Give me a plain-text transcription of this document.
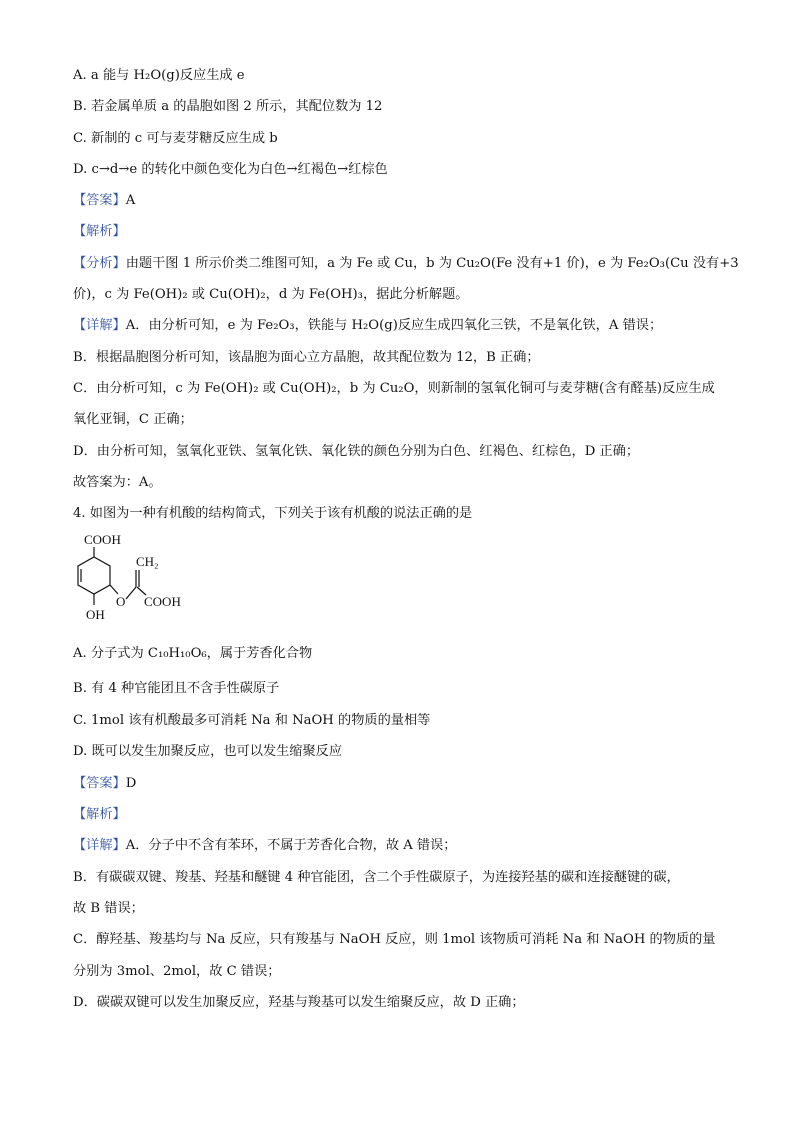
A. a 能与 H₂O(g)反应生成 e
B. 若金属单质 a 的晶胞如图 2 所示，其配位数为 12
C. 新制的 c 可与麦芽糖反应生成 b
D. c→d→e 的转化中颜色变化为白色→红褐色→红棕色
【答案】A
【解析】
【分析】由题干图 1 所示价类二维图可知，a 为 Fe 或 Cu，b 为 Cu₂O(Fe 没有+1 价)，e 为 Fe₂O₃(Cu 没有+3
价)，c 为 Fe(OH)₂ 或 Cu(OH)₂，d 为 Fe(OH)₃，据此分析解题。
【详解】A．由分析可知，e 为 Fe₂O₃，铁能与 H₂O(g)反应生成四氧化三铁，不是氧化铁，A 错误；
B．根据晶胞图分析可知，该晶胞为面心立方晶胞，故其配位数为 12，B 正确；
C．由分析可知，c 为 Fe(OH)₂ 或 Cu(OH)₂，b 为 Cu₂O，则新制的氢氧化铜可与麦芽糖(含有醛基)反应生成
氧化亚铜，C 正确；
D．由分析可知，氢氧化亚铁、氢氧化铁、氧化铁的颜色分别为白色、红褐色、红棕色，D 正确；
故答案为：A。
4. 如图为一种有机酸的结构简式，下列关于该有机酸的说法正确的是
COOH
OH
O
CH₂
COOH
A. 分子式为 C₁₀H₁₀O₆，属于芳香化合物
B. 有 4 种官能团且不含手性碳原子
C. 1mol 该有机酸最多可消耗 Na 和 NaOH 的物质的量相等
D. 既可以发生加聚反应，也可以发生缩聚反应
【答案】D
【解析】
【详解】A．分子中不含有苯环，不属于芳香化合物，故 A 错误；
B．有碳碳双键、羧基、羟基和醚键 4 种官能团，含二个手性碳原子，为连接羟基的碳和连接醚键的碳，
故 B 错误；
C．醇羟基、羧基均与 Na 反应，只有羧基与 NaOH 反应，则 1mol 该物质可消耗 Na 和 NaOH 的物质的量
分别为 3mol、2mol，故 C 错误；
D．碳碳双键可以发生加聚反应，羟基与羧基可以发生缩聚反应，故 D 正确；
